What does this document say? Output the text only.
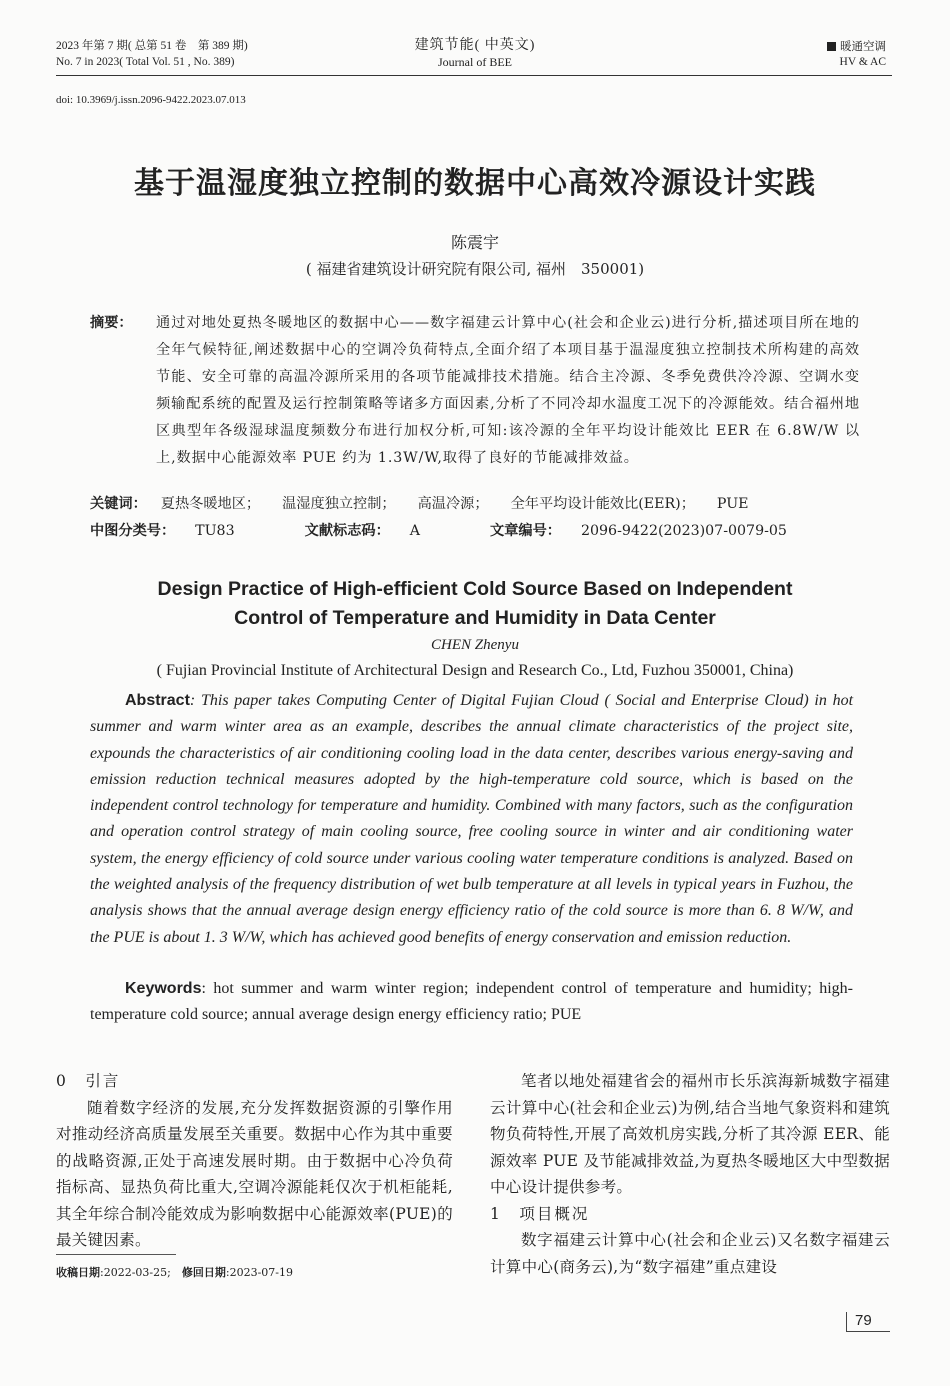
2023 年第 7 期( 总第 51 卷　第 389 期)
No. 7 in 2023( Total Vol. 51 , No. 389)
建筑节能( 中英文)
Journal of BEE
暖通空调
HV & AC
doi: 10.3969/j.issn.2096-9422.2023.07.013
基于温湿度独立控制的数据中心高效冷源设计实践
陈震宇
( 福建省建筑设计研究院有限公司, 福州　350001)
摘要： 通过对地处夏热冬暖地区的数据中心——数字福建云计算中心(社会和企业云)进行分析,描述项目所在地的全年气候特征,阐述数据中心的空调冷负荷特点,全面介绍了本项目基于温湿度独立控制技术所构建的高效节能、安全可靠的高温冷源所采用的各项节能减排技术措施。结合主冷源、冬季免费供冷冷源、空调水变频输配系统的配置及运行控制策略等诸多方面因素,分析了不同冷却水温度工况下的冷源能效。结合福州地区典型年各级湿球温度频数分布进行加权分析,可知:该冷源的全年平均设计能效比 EER 在 6.8W/W 以上,数据中心能源效率 PUE 约为 1.3W/W,取得了良好的节能减排效益。
关键词： 夏热冬暖地区； 温湿度独立控制； 高温冷源； 全年平均设计能效比(EER)； PUE
中图分类号： TU83	文献标志码： A	文章编号： 2096-9422(2023)07-0079-05
Design Practice of High-efficient Cold Source Based on Independent
Control of Temperature and Humidity in Data Center
CHEN Zhenyu
( Fujian Provincial Institute of Architectural Design and Research Co., Ltd, Fuzhou 350001, China)
Abstract: This paper takes Computing Center of Digital Fujian Cloud ( Social and Enterprise Cloud) in hot summer and warm winter area as an example, describes the annual climate characteristics of the project site, expounds the characteristics of air conditioning cooling load in the data center, describes various energy-saving and emission reduction technical measures adopted by the high-temperature cold source, which is based on the independent control technology for temperature and humidity. Combined with many factors, such as the configuration and operation control strategy of main cooling source, free cooling source in winter and air conditioning water system, the energy efficiency of cold source under various cooling water temperature conditions is analyzed. Based on the weighted analysis of the frequency distribution of wet bulb temperature at all levels in typical years in Fuzhou, the analysis shows that the annual average design energy efficiency ratio of the cold source is more than 6. 8 W/W, and the PUE is about 1. 3 W/W, which has achieved good benefits of energy conservation and emission reduction.
Keywords: hot summer and warm winter region; independent control of temperature and humidity; high-temperature cold source; annual average design energy efficiency ratio; PUE
0　引言
随着数字经济的发展,充分发挥数据资源的引擎作用对推动经济高质量发展至关重要。数据中心作为其中重要的战略资源,正处于高速发展时期。由于数据中心冷负荷指标高、显热负荷比重大,空调冷源能耗仅次于机柜能耗,其全年综合制冷能效成为影响数据中心能源效率(PUE)的最关键因素。
笔者以地处福建省会的福州市长乐滨海新城数字福建云计算中心(社会和企业云)为例,结合当地气象资料和建筑物负荷特性,开展了高效机房实践,分析了其冷源 EER、能源效率 PUE 及节能减排效益,为夏热冬暖地区大中型数据中心设计提供参考。
1　项目概况
数字福建云计算中心(社会和企业云)又名数字福建云计算中心(商务云),为“数字福建”重点建设
收稿日期:2022-03-25;　修回日期:2023-07-19
79
